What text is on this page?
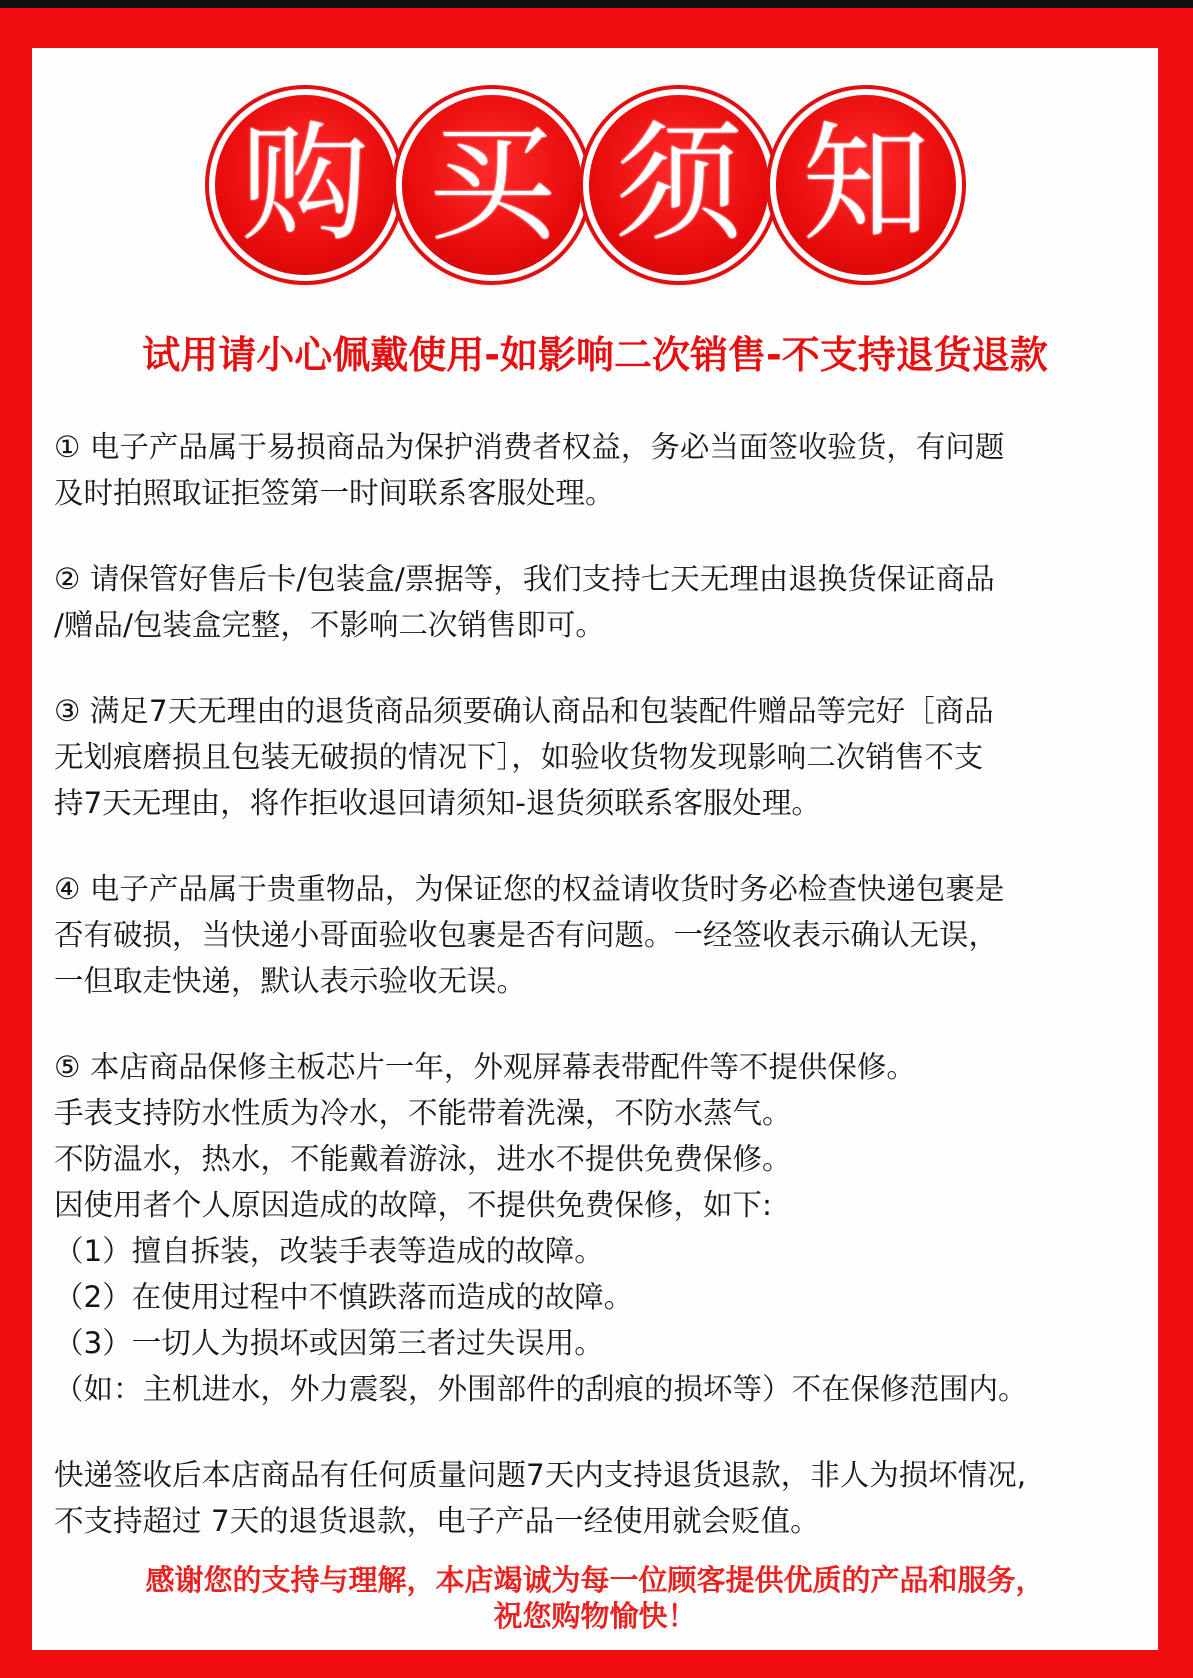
购 买 须 知
试用请小心佩戴使用-如影响二次销售-不支持退货退款

① 电子产品属于易损商品为保护消费者权益，务必当面签收验货，有问题

及时拍照取证拒签第一时间联系客服处理。

② 请保管好售后卡/包装盒/票据等，我们支持七天无理由退换货保证商品

/赠品/包装盒完整，不影响二次销售即可。

③ 满足7天无理由的退货商品须要确认商品和包装配件赠品等完好［商品

无划痕磨损且包装无破损的情况下］，如验收货物发现影响二次销售不支

持7天无理由，将作拒收退回请须知-退货须联系客服处理。

④ 电子产品属于贵重物品，为保证您的权益请收货时务必检查快递包裹是

否有破损，当快递小哥面验收包裹是否有问题。一经签收表示确认无误，

一但取走快递，默认表示验收无误。

⑤ 本店商品保修主板芯片一年，外观屏幕表带配件等不提供保修。

手表支持防水性质为冷水，不能带着洗澡，不防水蒸气。

不防温水，热水，不能戴着游泳，进水不提供免费保修。

因使用者个人原因造成的故障，不提供免费保修，如下:

（1）擅自拆装，改装手表等造成的故障。

（2）在使用过程中不慎跌落而造成的故障。

（3）一切人为损坏或因第三者过失误用。

（如：主机进水，外力震裂，外围部件的刮痕的损坏等）不在保修范围内。

快递签收后本店商品有任何质量问题7天内支持退货退款，非人为损坏情况,

不支持超过 7天的退货退款，电子产品一经使用就会贬值。

感谢您的支持与理解，本店竭诚为每一位顾客提供优质的产品和服务，

祝您购物愉快！
